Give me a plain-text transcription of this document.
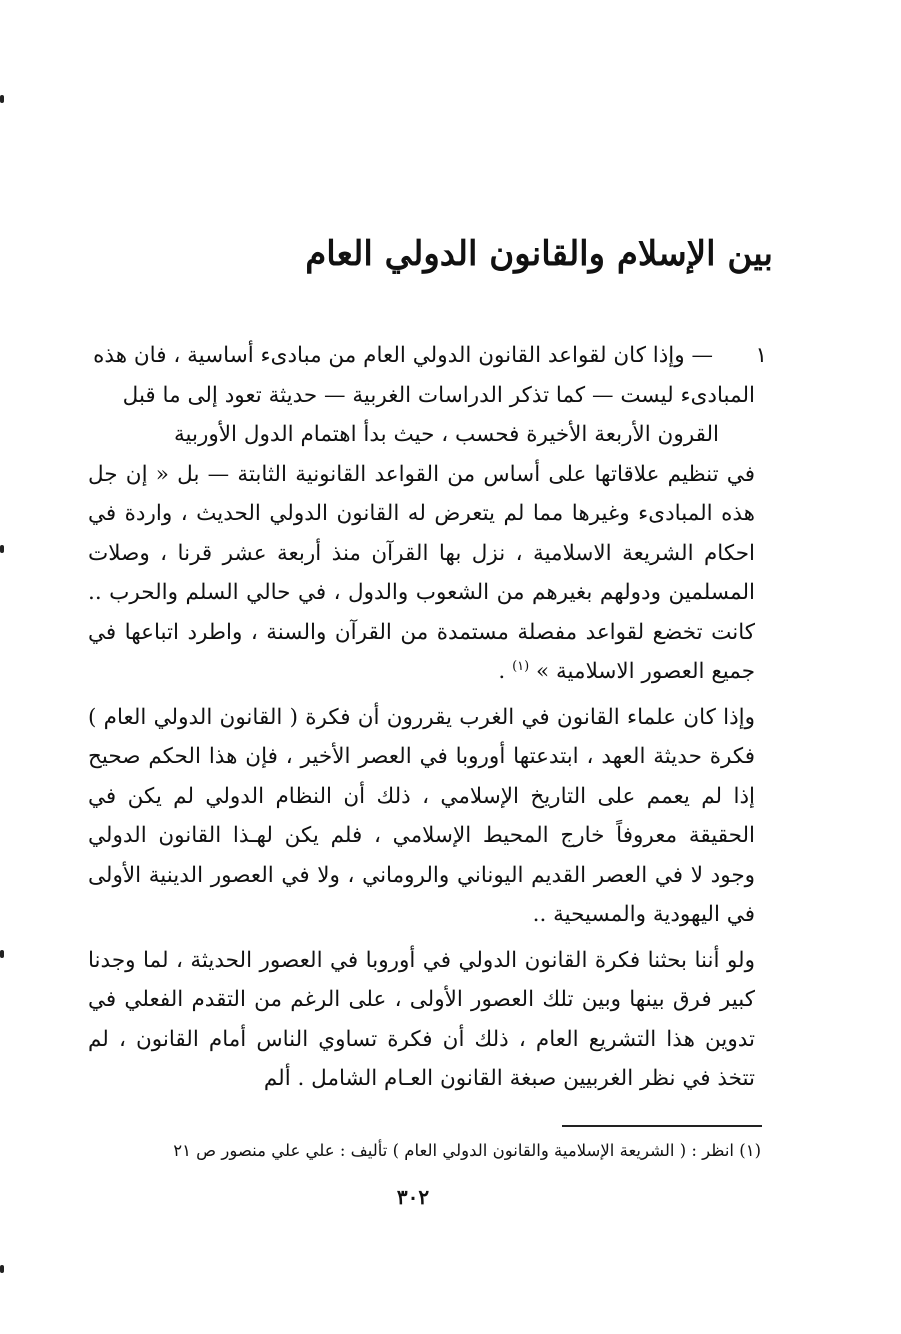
بين الإسلام والقانون الدولي العام
١
— وإذا كان لقواعد القانون الدولي العام من مبادىء أساسية ، فان هذه
المبادىء ليست — كما تذكر الدراسات الغربية — حديثة تعود إلى ما قبل
القرون الأربعة الأخيرة فحسب ، حيث بدأ اهتمام الدول الأوربية
في تنظيم علاقاتها على أساس من القواعد القانونية الثابتة — بل « إن جل هذه المبادىء وغيرها مما لم يتعرض له القانون الدولي الحديث ، واردة في احكام الشريعة الاسلامية ، نزل بها القرآن منذ أربعة عشر قرنا ، وصلات المسلمين ودولهم بغيرهم من الشعوب والدول ، في حالي السلم والحرب .. كانت تخضع لقواعد مفصلة مستمدة من القرآن والسنة ، واطرد اتباعها في جميع العصور الاسلامية » $^{(١)}$ .

وإذا كان علماء القانون في الغرب يقررون أن فكرة ( القانون الدولي العام ) فكرة حديثة العهد ، ابتدعتها أوروبا في العصر الأخير ، فإن هذا الحكم صحيح إذا لم يعمم على التاريخ الإسلامي ، ذلك أن النظام الدولي لم يكن في الحقيقة معروفاً خارج المحيط الإسلامي ، فلم يكن لهـذا القانون الدولي وجود لا في العصر القديم اليوناني والروماني ، ولا في العصور الدينية الأولى في اليهودية والمسيحية ..

ولو أننا بحثنا فكرة القانون الدولي في أوروبا في العصور الحديثة ، لما وجدنا كبير فرق بينها وبين تلك العصور الأولى ، على الرغم من التقدم الفعلي في تدوين هذا التشريع العام ، ذلك أن فكرة تساوي الناس أمام القانون ، لم تتخذ في نظر الغربيين صبغة القانون العـام الشامل . ألم

(١) انظر : ( الشريعة الإسلامية والقانون الدولي العام ) تأليف : علي علي منصور ص ٢١
٣٠٢
